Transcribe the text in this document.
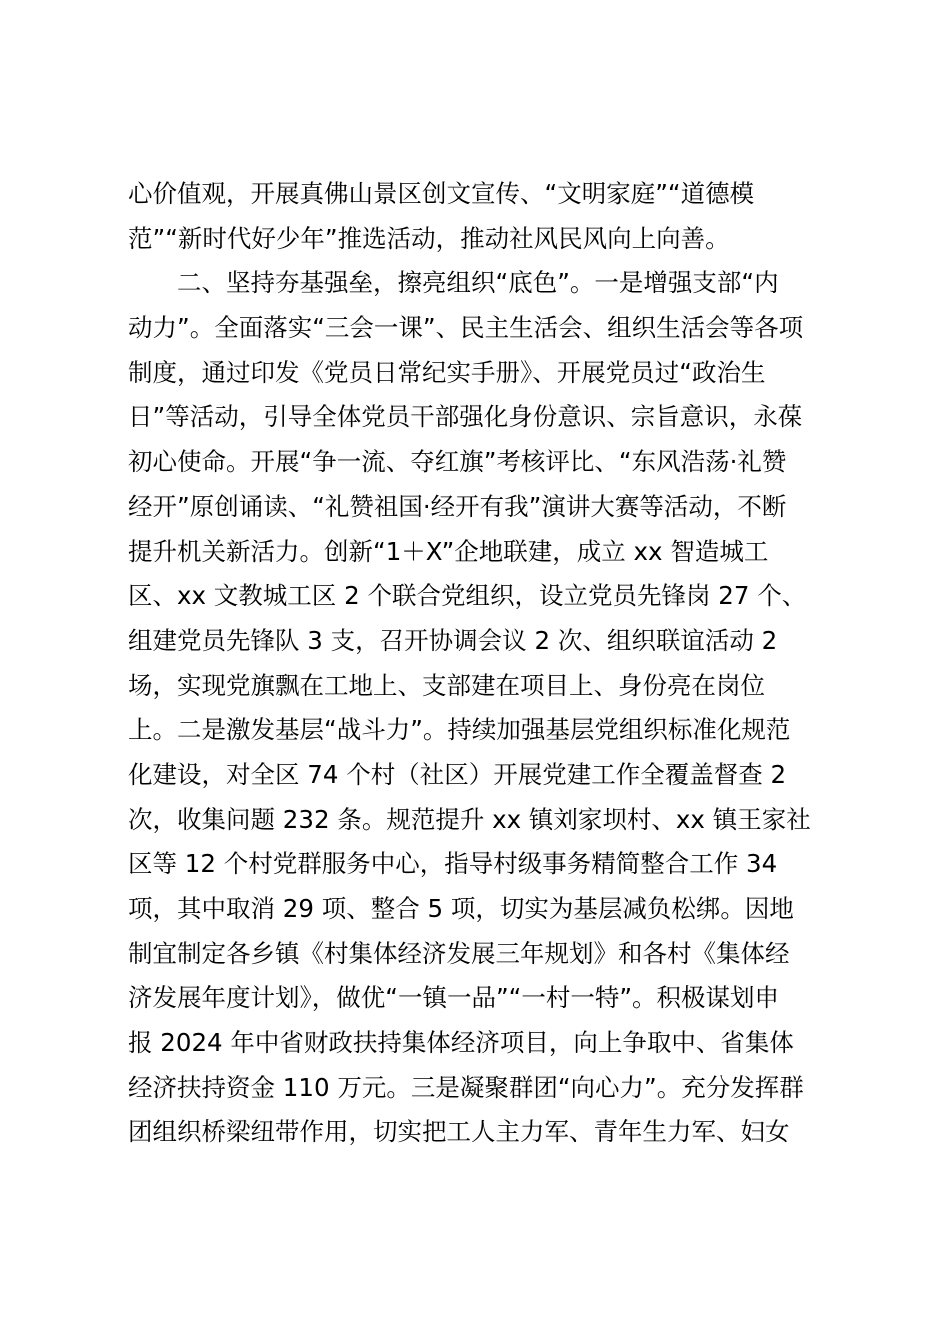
心价值观，开展真佛山景区创文宣传、“文明家庭”“道德模
范”“新时代好少年”推选活动，推动社风民风向上向善。
二、坚持夯基强垒，擦亮组织“底色”。一是增强支部“内
动力”。全面落实“三会一课”、民主生活会、组织生活会等各项
制度，通过印发《党员日常纪实手册》、开展党员过“政治生
日”等活动，引导全体党员干部强化身份意识、宗旨意识，永葆
初心使命。开展“争一流、夺红旗”考核评比、“东风浩荡·礼赞
经开”原创诵读、“礼赞祖国·经开有我”演讲大赛等活动，不断
提升机关新活力。创新“1＋X”企地联建，成立 xx 智造城工
区、xx 文教城工区 2 个联合党组织，设立党员先锋岗 27 个、
组建党员先锋队 3 支，召开协调会议 2 次、组织联谊活动 2
场，实现党旗飘在工地上、支部建在项目上、身份亮在岗位
上。二是激发基层“战斗力”。持续加强基层党组织标准化规范
化建设，对全区 74 个村（社区）开展党建工作全覆盖督查 2
次，收集问题 232 条。规范提升 xx 镇刘家坝村、xx 镇王家社
区等 12 个村党群服务中心，指导村级事务精简整合工作 34
项，其中取消 29 项、整合 5 项，切实为基层减负松绑。因地
制宜制定各乡镇《村集体经济发展三年规划》和各村《集体经
济发展年度计划》，做优“一镇一品”“一村一特”。积极谋划申
报 2024 年中省财政扶持集体经济项目，向上争取中、省集体
经济扶持资金 110 万元。三是凝聚群团“向心力”。充分发挥群
团组织桥梁纽带作用，切实把工人主力军、青年生力军、妇女
